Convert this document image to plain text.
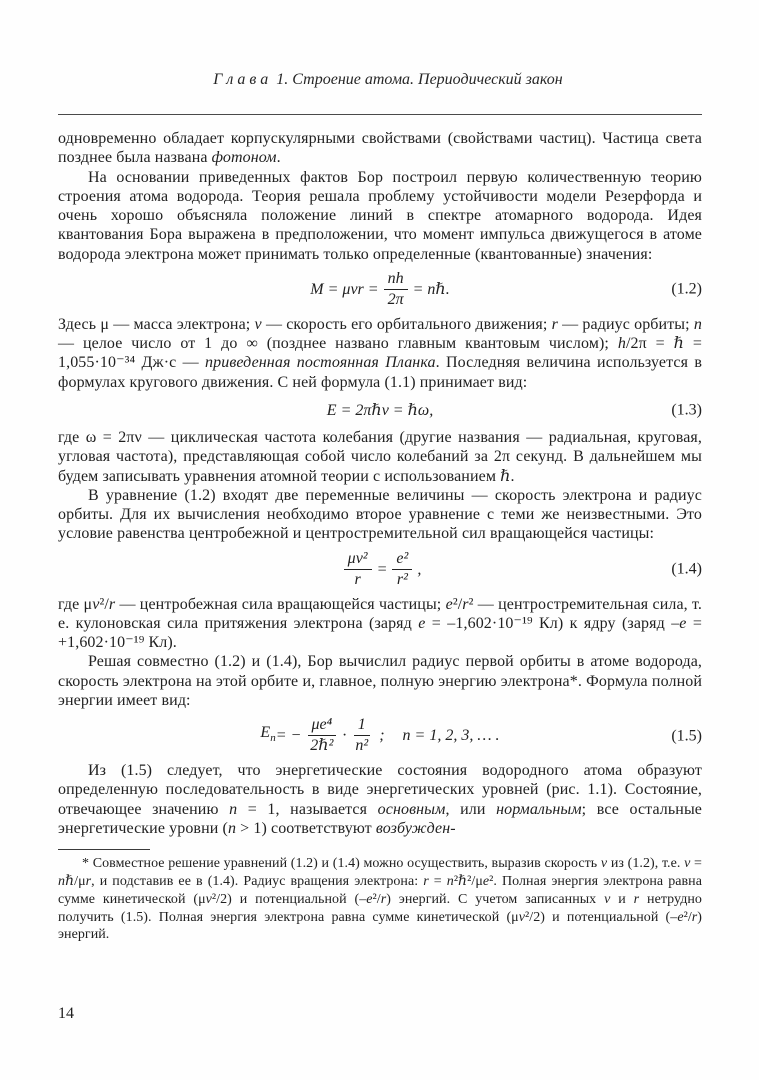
Г л а в а  1. Строение атома. Периодический закон

одновременно обладает корпускулярными свойствами (свойствами частиц). Частица света позднее была названа фотоном.

На основании приведенных фактов Бор построил первую количественную теорию строения атома водорода. Теория решала проблему устойчивости модели Резерфорда и очень хорошо объясняла положение линий в спектре атомарного водорода. Идея квантования Бора выражена в предположении, что момент импульса движущегося в атоме водорода электрона может принимать только определенные (квантованные) значения:

$M = \mu vr = \frac{nh}{2\pi}$ = nℏ.	(1.2)

Здесь μ — масса электрона; v — скорость его орбитального движения; r — радиус орбиты; n — целое число от 1 до ∞ (позднее названо главным квантовым числом); h/2π = ℏ = 1,055·10⁻³⁴ Дж·с — приведенная постоянная Планка. Последняя величина используется в формулах кругового движения. С ней формула (1.1) принимает вид:

E = 2πℏν = ℏω,	(1.3)

где ω = 2πν — циклическая частота колебания (другие названия — радиальная, круговая, угловая частота), представляющая собой число колебаний за 2π секунд. В дальнейшем мы будем записывать уравнения атомной теории с использованием ℏ.

В уравнение (1.2) входят две переменные величины — скорость электрона и радиус орбиты. Для их вычисления необходимо второе уравнение с теми же неизвестными. Это условие равенства центробежной и центростремительной сил вращающейся частицы:

$\frac{\text{μv²}}{r} = \frac{\text{e²}}{\text{r²}}$ ,	(1.4)

где μv²/r — центробежная сила вращающейся частицы; e²/r² — центростремительная сила, т. е. кулоновская сила притяжения электрона (заряд e = –1,602·10⁻¹⁹ Кл) к ядру (заряд –e = +1,602·10⁻¹⁹ Кл).

Решая совместно (1.2) и (1.4), Бор вычислил радиус первой орбиты в атоме водорода, скорость электрона на этой орбите и, главное, полную энергию электрона*. Формула полной энергии имеет вид:

$E_n$ = − $\frac{\text{μe⁴}}{\text{2ℏ²}} \cdot \frac{1}{\text{n²}}$ ; n = 1, 2, 3, … .	(1.5)

Из (1.5) следует, что энергетические состояния водородного атома образуют определенную последовательность в виде энергетических уровней (рис. 1.1). Состояние, отвечающее значению n = 1, называется основным, или нормальным; все остальные энергетические уровни (n > 1) соответствуют возбужден-

* Совместное решение уравнений (1.2) и (1.4) можно осуществить, выразив скорость v из (1.2), т.е. v = nℏ/μr, и подставив ее в (1.4). Радиус вращения электрона: r = n²ℏ²/μe². Полная энергия электрона равна сумме кинетической (μv²/2) и потенциальной (–e²/r) энергий. С учетом записанных v и r нетрудно получить (1.5). Полная энергия электрона равна сумме кинетической (μv²/2) и потенциальной (–e²/r) энергий.

14
